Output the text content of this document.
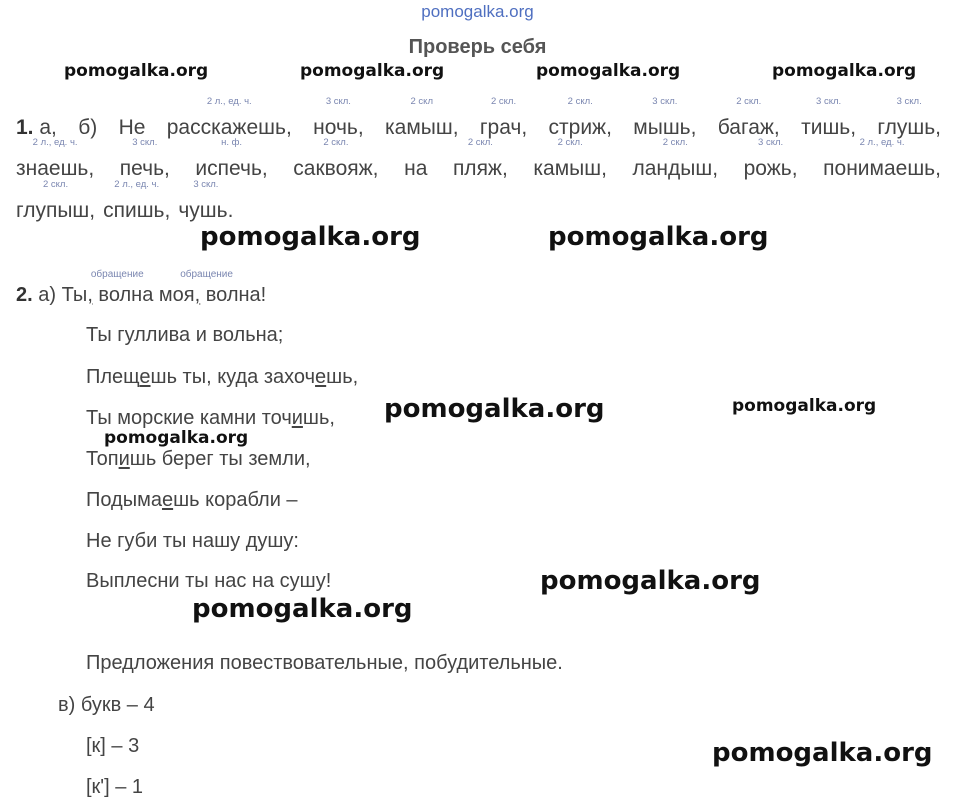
pomogalka.org
Проверь себя
pomogalka.org	pomogalka.org	pomogalka.org	pomogalka.org
1. а, б) Не расскажешь,
2 л., ед. ч.
ночь,
3 скл.
камыш,
2 скл
грач,
2 скл.
стриж,
2 скл.
мышь,
3 скл.
багаж,
2 скл.
тишь,
3 скл.
глушь,
3 скл.
знаешь,
2 л., ед. ч.
печь,
3 скл.
испечь,
н. ф.
саквояж,
2 скл.
на пляж,
2 скл.
камыш,
2 скл.
ландыш,
2 скл.
рожь,
3 скл.
понимаешь,
2 л., ед. ч.
глупыш,
2 скл.
спишь,
2 л., ед. ч.
чушь.
3 скл.
pomogalka.org	pomogalka.org
2. а) Ты,
обращение
волна моя,
обращение
волна!
Ты гуллива и вольна;
Плещешь ты, куда захочешь,
Ты морские камни точишь,
Топишь берег ты земли,
Подымаешь корабли –
Не губи ты нашу душу:
Выплесни ты нас на сушу!
pomogalka.org	pomogalka.org
pomogalka.org
pomogalka.org
pomogalka.org
Предложения повествовательные, побудительные.
в) букв – 4
[к] – 3
[к'] – 1
pomogalka.org
